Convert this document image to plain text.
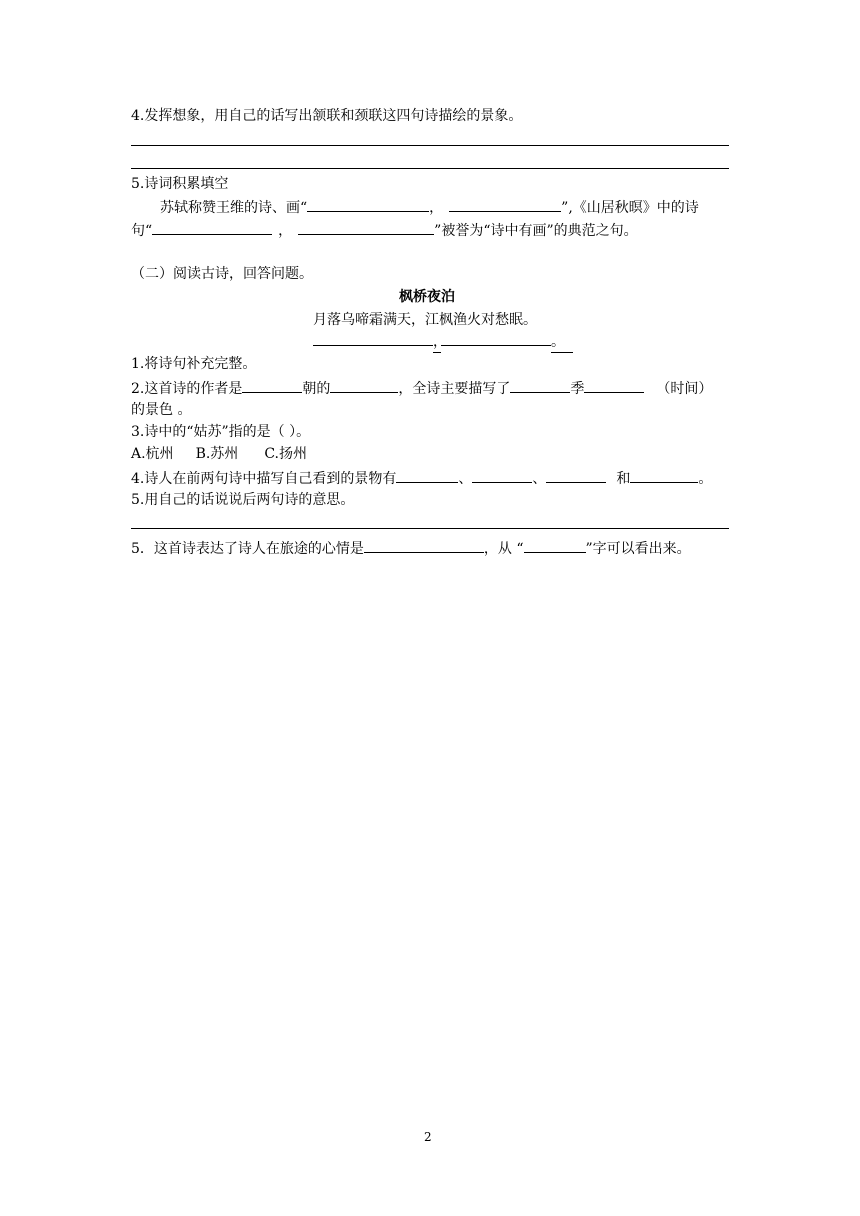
4.发挥想象，用自己的话写出颔联和颈联这四句诗描绘的景象。
5.诗词积累填空
苏轼称赞王维的诗、画“	，	”,《山居秋暝》中的诗
句“	，	”被誉为“诗中有画”的典范之句。
（二）阅读古诗，回答问题。
枫桥夜泊
月落乌啼霜满天，江枫渔火对愁眠。
，	。
1.将诗句补充完整。
2.这首诗的作者是	朝的	，全诗主要描写了	季	（时间）
的景色 。
3.诗中的“姑苏”指的是（ ）。
A.杭州 B.苏州 C.扬州
4.诗人在前两句诗中描写自己看到的景物有	、	、	和	。
5.用自己的话说说后两句诗的意思。
5．这首诗表达了诗人在旅途的心情是	，从 “	”字可以看出来。
2
